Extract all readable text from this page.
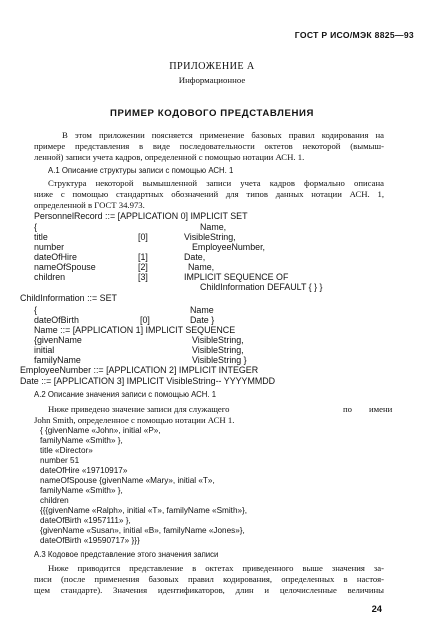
ГОСТ Р ИСО/МЭК 8825—93
ПРИЛОЖЕНИЕ А
Информационное
ПРИМЕР КОДОВОГО ПРЕДСТАВЛЕНИЯ
В этом приложении поясняется применение базовых правил кодирования на
примере представления в виде последовательности октетов некоторой (вымыш-
ленной) записи учета кадров, определенной с помощью нотации АСН. 1.
А.1 Описание структуры записи с помощью АСН. 1
Структура некоторой вымышленной записи учета кадров формально описана
ниже с помощью стандартных обозначений для типов данных нотации АСН. 1,
определенной в ГОСТ 34.973.
PersonnelRecord ::= [APPLICATION 0] IMPLICIT SET
{	Name,
title	[0]	VisibleString,
number	EmployeeNumber,
dateOfHire	[1]	Date,
nameOfSpouse	[2]	Name,
children	[3]	IMPLICIT SEQUENCE OF
ChildInformation DEFAULT { } }
ChildInformation ::= SET
{	Name
dateOfBirth	[0]	Date }
Name ::= [APPLICATION 1] IMPLICIT SEQUENCE
{givenName	VisibleString,
initial	VisibleString,
familyName	VisibleString }
EmployeeNumber ::= [APPLICATION 2] IMPLICIT INTEGER
Date ::= [APPLICATION 3] IMPLICIT VisibleString-- YYYYMMDD
А.2 Описание значения записи с помощью АСН. 1
Ниже приведено значение записи для служащего	по имени
John Smith, определенное с помощью нотации АСН 1.
{ {givenName «John», initial «P»,
familyName «Smith» },
title «Director»
number 51
dateOfHire «19710917»
nameOfSpouse {givenName «Mary», initial «T»,
familyName «Smith» },
children
{{{givenName «Ralph», initial «T», familyName «Smith»},
dateOfBirth «1957111» },
{givenName «Susan», initial «B», familyName «Jones»},
dateOfBirth «19590717» }}}
А.3 Кодовое представление этого значения записи
Ниже приводится представление в октетах приведенного выше значения за-
писи (после применения базовых правил кодирования, определенных в настоя-
щем стандарте). Значения идентификаторов, длин и целочисленные величины
24
